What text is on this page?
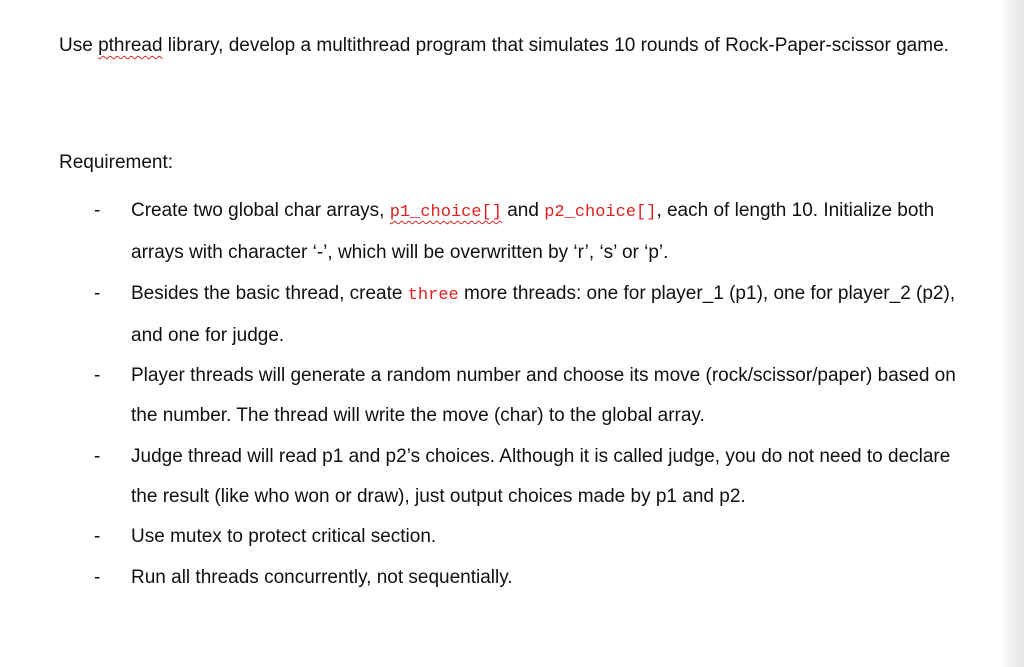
Use pthread library, develop a multithread program that simulates 10 rounds of Rock-Paper-scissor game.

Requirement:

- Create two global char arrays, p1_choice[] and p2_choice[], each of length 10. Initialize both arrays with character ‘-’, which will be overwritten by ‘r’, ‘s’ or ‘p’.
- Besides the basic thread, create three more threads: one for player_1 (p1), one for player_2 (p2), and one for judge.
- Player threads will generate a random number and choose its move (rock/scissor/paper) based on the number. The thread will write the move (char) to the global array.
- Judge thread will read p1 and p2’s choices. Although it is called judge, you do not need to declare the result (like who won or draw), just output choices made by p1 and p2.
- Use mutex to protect critical section.
- Run all threads concurrently, not sequentially.
